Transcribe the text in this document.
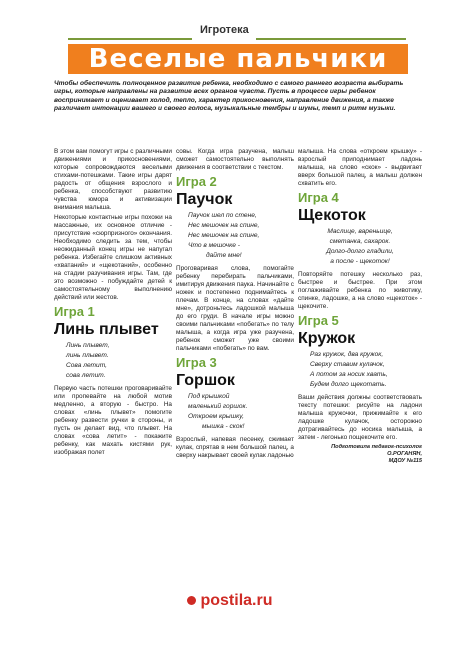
Игротека
Веселые пальчики
Чтобы обеспечить полноценное развитие ребенка, необходимо с самого раннего возраста выбирать игры, которые направлены на развитие всех органов чувств. Пусть в процессе игры ребенок воспринимает и оценивает холод, тепло, характер прикосновения, направление движения, а также различает интонации вашего и своего голоса, музыкальные тембры и шумы, темп и ритм музыки.

В этом вам помогут игры с различными движениями и прикосновениями, которые сопровождаются веселыми стихами-потешками. Такие игры дарят радость от общения взрослого и ребенка, способствуют развитию чувства юмора и активизации внимания малыша.

Некоторые контактные игры похожи на массажные, их основное отличие - присутствие «сюрпризного» окончания. Необходимо следить за тем, чтобы неожиданный конец игры не напугал ребенка. Избегайте слишком активных «хватаний» и «щекотаний», особенно на стадии разучивания игры. Там, где это возможно - побуждайте детей к самостоятельному выполнению действий или жестов.

Игра 1
Линь плывет
Линь плывет,
линь плывет.
Сова летит,
сова летит.

Первую часть потешки проговаривайте или пропевайте на любой мотив медленно, а вторую - быстро. На словах «линь плывет» помогите ребенку развести ручки в стороны, и пусть он делает вид, что плывет. На словах «сова летит» - покажите ребенку, как махать кистями рук, изображая полет

совы. Когда игра разучена, малыш сможет самостоятельно выполнять движения в соответствии с текстом.

Игра 2
Паучок
Паучок шел по стене,
Нес мешочек на спине,
Нес мешочек на спине,
Что в мешочке -
дайте мне!

Проговаривая слова, помогайте ребенку перебирать пальчиками, имитируя движения паука. Начинайте с ножек и постепенно поднимайтесь к плечам. В конце, на словах «дайте мне», дотроньтесь ладошкой малыша до его груди. В начале игры можно своими пальчиками «побегать» по телу малыша, а когда игра уже разучена, ребенок сможет уже своими пальчиками «побегать» по вам.

Игра 3
Горшок
Под крышкой
маленький горшок.
Откроем крышку,
мышка - скок!

Взрослый, напевая песенку, сжимает кулак, спрятав в нем большой палец, а сверху накрывает своей кулак ладонью

малыша. На слова «откроем крышку» - взрослый приподнимает ладонь малыша, на слово «скок» - выдвигает вверх большой палец, а малыш должен схватить его.

Игра 4
Щекоток
Маслице, вареньице,
сметанка, сахарок.
Долго-долго гладили,
а после - щекоток!

Повторяйте потешку несколько раз, быстрее и быстрее. При этом поглаживайте ребенка по животику, спинке, ладошке, а на слово «щекоток» - щекочите.

Игра 5
Кружок
Раз кружок, два кружок,
Сверху ставим кулачок,
А потом за носик хвать,
Будем долго щекотать.

Ваши действия должны соответствовать тексту потешки: рисуйте на ладони малыша кружочки, прижимайте к его ладошке кулачок, осторожно дотрагивайтесь до носика малыша, а затем - легонько пощекочите его.

Подготовила педагог-психолог
О.РОГАНЯН,
МДОУ №115
postila.ru
